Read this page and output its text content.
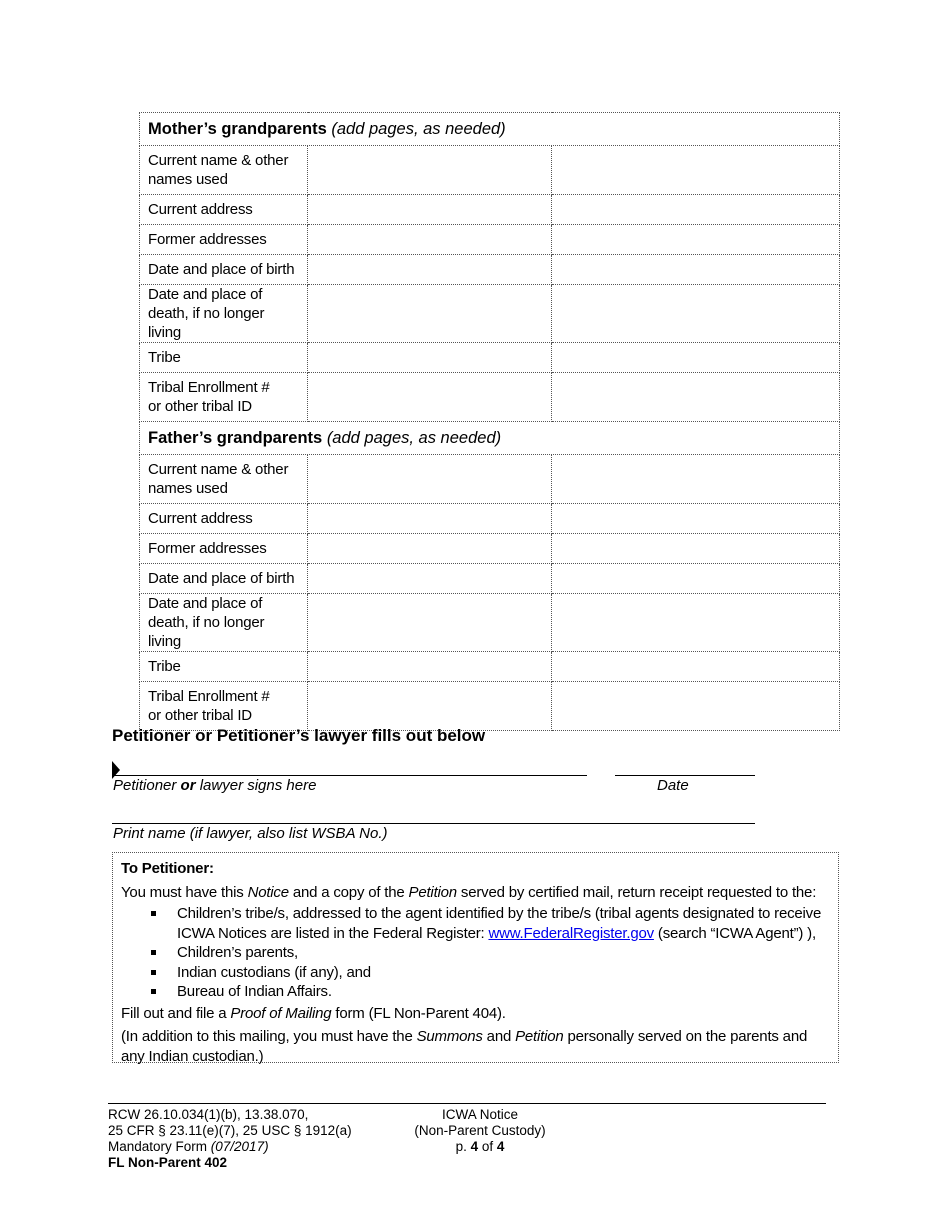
Mother’s grandparents (add pages, as needed)		

Current name & other
names used		

Current address		

Former addresses		

Date and place of birth		

Date and place of
death, if no longer living		

Tribe		

Tribal Enrollment #
or other tribal ID		

Father’s grandparents (add pages, as needed)		

Current name & other
names used		

Current address		

Former addresses		

Date and place of birth		

Date and place of
death, if no longer living		

Tribe		

Tribal Enrollment #
or other tribal ID		

Petitioner or Petitioner’s lawyer fills out below
Petitioner or lawyer signs here	Date
Print name (if lawyer, also list WSBA No.)

To Petitioner:

You must have this Notice and a copy of the Petition served by certified mail, return receipt requested to the:

Children’s tribe/s, addressed to the agent identified by the tribe/s (tribal agents designated to receive ICWA Notices are listed in the Federal Register: www.FederalRegister.gov (search “ICWA Agent”) ),
Children’s parents,
Indian custodians (if any), and
Bureau of Indian Affairs.

Fill out and file a Proof of Mailing form (FL Non-Parent 404).

(In addition to this mailing, you must have the Summons and Petition personally served on the parents and any Indian custodian.)

RCW 26.10.034(1)(b), 13.38.070,
25 CFR § 23.11(e)(7), 25 USC § 1912(a)
Mandatory Form (07/2017)
FL Non-Parent 402
ICWA Notice
(Non-Parent Custody)
p. 4 of 4
